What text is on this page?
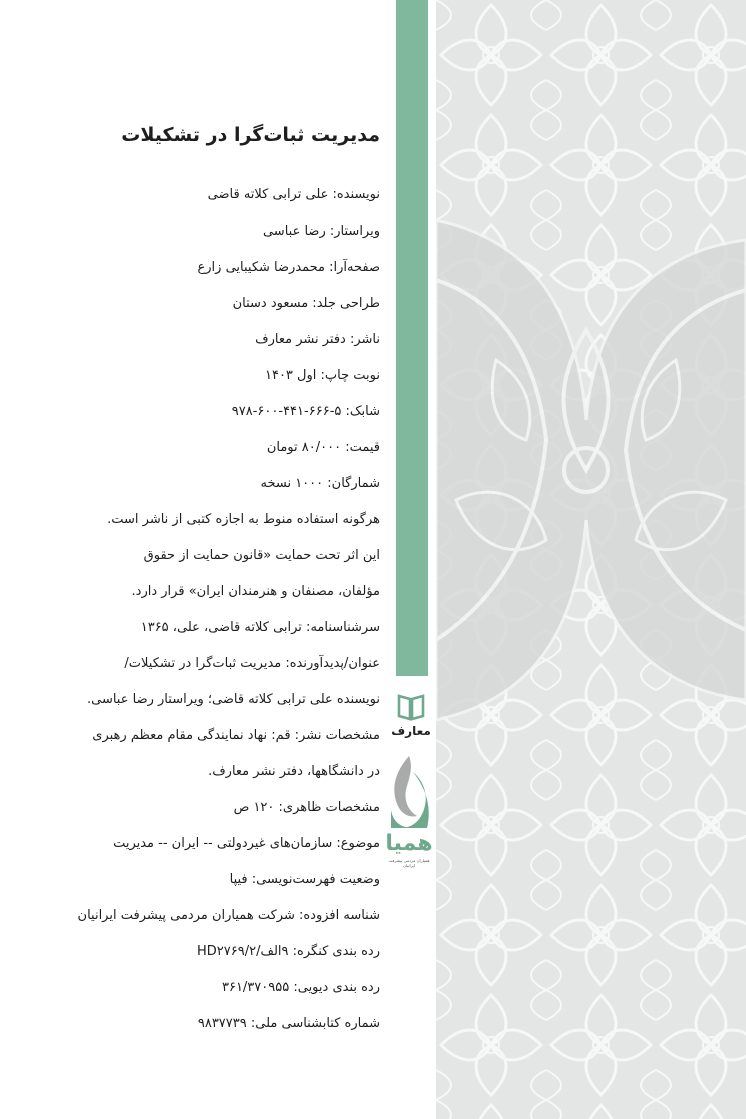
معارف
همیا
همیاران مردمی پیشرفت ایرانیان
مدیریت ثبات‌گرا در تشکیلات
نویسنده: علی ترابی کلاته قاضی
ویراستار: رضا عباسی
صفحه‌آرا: محمدرضا شکیبایی زارع
طراحی جلد: مسعود دستان
ناشر: دفتر نشر معارف
نوبت چاپ: اول ۱۴۰۳
شابک: ۵-۶۶۶-۴۴۱-۶۰۰-۹۷۸
قیمت: ۸۰/۰۰۰ تومان
شمارگان: ۱۰۰۰ نسخه
هرگونه استفاده منوط به اجازه کتبی از ناشر است.
این اثر تحت حمایت «قانون حمایت از حقوق
مؤلفان، مصنفان و هنرمندان ایران» قرار دارد.
سرشناسنامه: ترابی کلاته قاضی، علی، ۱۳۶۵
عنوان/پدیدآورنده: مدیریت ثبات‌گرا در تشکیلات/
نویسنده علی ترابی کلاته قاضی؛ ویراستار رضا عباسی.
مشخصات نشر: قم: نهاد نمایندگی مقام معظم رهبری
در دانشگاهها، دفتر نشر معارف.
مشخصات ظاهری: ۱۲۰ ص
موضوع: سازمان‌های غیردولتی -- ایران -- مدیریت
وضعیت فهرست‌نویسی: فیپا
شناسه افزوده: شرکت همیاران مردمی پیشرفت ایرانیان
رده بندی کنگره: ۹الف/۲/HD۲۷۶۹
رده بندی دیویی: ۳۶۱/۳۷۰۹۵۵
شماره کتابشناسی ملی: ۹۸۳۷۷۳۹
